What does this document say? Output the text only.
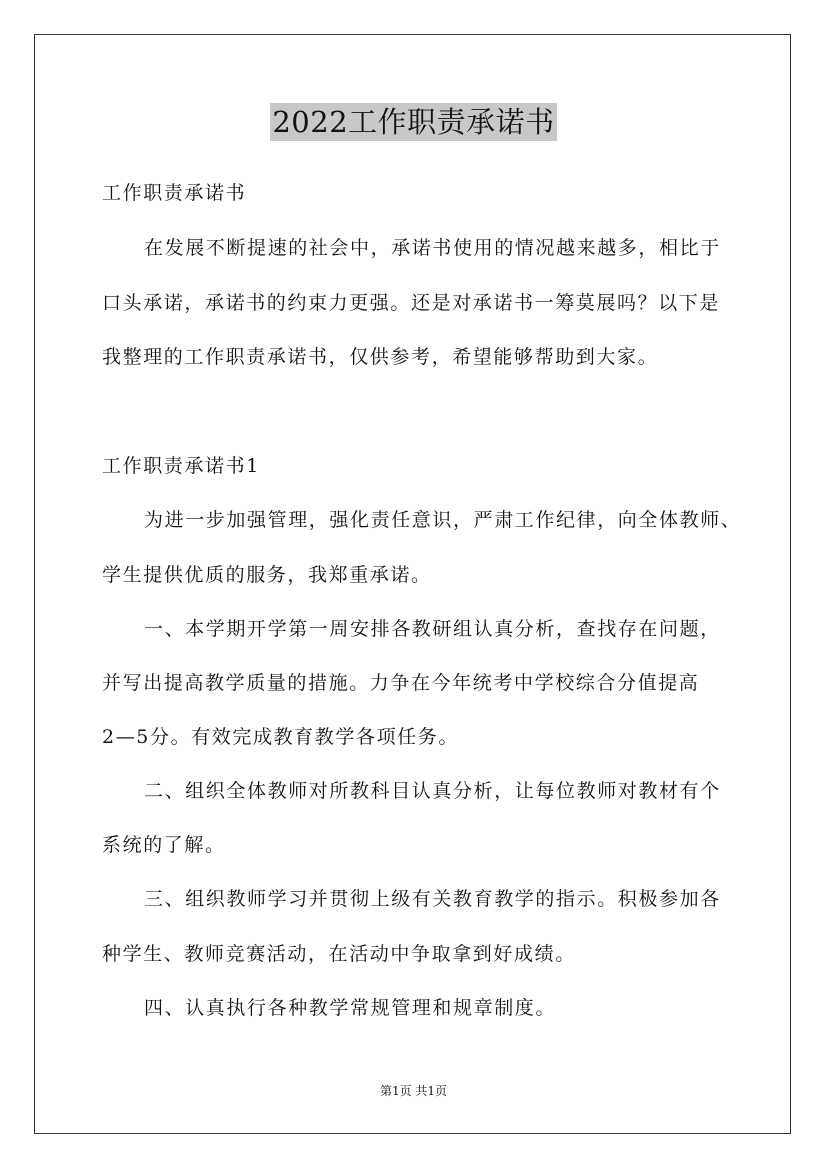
2022工作职责承诺书
工作职责承诺书
在发展不断提速的社会中，承诺书使用的情况越来越多，相比于
口头承诺，承诺书的约束力更强。还是对承诺书一筹莫展吗？以下是
我整理的工作职责承诺书，仅供参考，希望能够帮助到大家。
工作职责承诺书1
为进一步加强管理，强化责任意识，严肃工作纪律，向全体教师、
学生提供优质的服务，我郑重承诺。
一、本学期开学第一周安排各教研组认真分析，查找存在问题，
并写出提高教学质量的措施。力争在今年统考中学校综合分值提高
2—5分。有效完成教育教学各项任务。
二、组织全体教师对所教科目认真分析，让每位教师对教材有个
系统的了解。
三、组织教师学习并贯彻上级有关教育教学的指示。积极参加各
种学生、教师竞赛活动，在活动中争取拿到好成绩。
四、认真执行各种教学常规管理和规章制度。
第1页 共1页
